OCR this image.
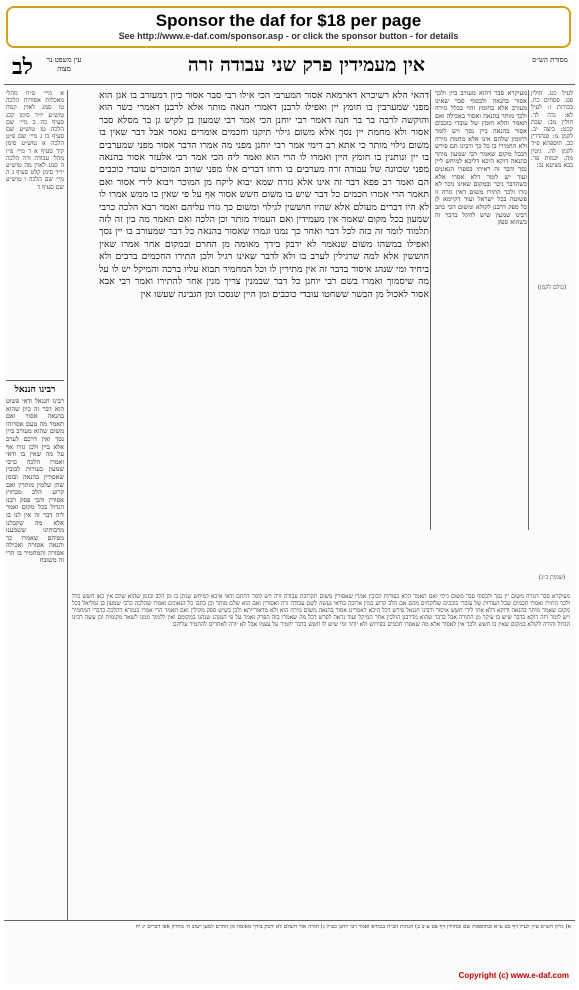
Sponsor the daf for $18 per page
See http://www.e-daf.com/sponsor.asp - or click the sponsor button - for details
מסורת הש״ס
אין מעמידין פרק שני עבודה זרה
עין משפט נר מצוה
לב
לעיל כט. חולין פט. פסחים כח. בכורות ז: לעיל לא: נדה לד. חולין מב: שבת קכט: ביצה יב. לקמן מ: סנהדרין כב. תוספתא פ״ד לקמן לה. גיטין מה. יבמות פד. בבא מציעא נב:
(כולם לקמן)
(שמות כ״ג)
מעיקרא סבר דהוא מעורב ביין ולכך אסור בהנאה ולבסוף סבר שאינו מעורב אלא בחומץ והוי בכלל גזירה ולכך מותר בהנאה ואסור באכילה ואם תאמר והלא חומץ של עובדי כוכבים אסור בהנאה כיין נסך ויש לומר דחומץ שלהם אינו אלא מחמת גזירה ולא החמירו בו כל כך ורבינו תם פירש דבכל מקום שאמר רבי שמעון מותר בהנאה דוקא היכא דליכא למיחש ליין נסך ודבר זה ראיתי בספרי הגאונים ועוד יש לומר דלא אסרו אלא כשהדבר ניכר ובמקום שאינו ניכר לא גזרו ולכך התירו משום דאין גזרה זו פשוטה בכל ישראל ועוד דקיימא לן כל ספק דרבנן לקולא ומשום הכי כתב רבינו שמעון שיש להקל בדבר זה כשהוא ספק
דהאי הלא רשיכרא דארמאה אסור המערבי הכי אילו רבי סבר אסור כיון דמעורב בו אגן הוא מפני שמערבין בו חומץ יין ואפילו לרבנן דאמרי הנאה מותר אלא לרבנן דאמרי כשר הוא והוקשה לרבה בר בר חנה דאמר רבי יוחנן הכי אמר רבי שמעון בן לקיש גן בר מסלא סבר אסור ולא מחמת יין נסך אלא משום גילוי תיקנו וחכמים אומרים נאסר אבל דבר שאין בו משום גילוי מותר כי אתא רב דימי אמר רבי יוחנן מפני מה אמרו הדבר אסור מפני שמערבים בו יין ונותנין בו חומץ היין ואמרו לו הרי הוא ואמר ליה הכי אמר רבי אלעזר אסור בהנאה מפני שכוונה של עבודה זרה מערבים בו ודחו דברים אלו מפני שרוב המוכרים עובדי כוכבים הם ואמר רב פפא דבר זה אינו אלא גזרה שמא יבוא ליקח מן המוכר ויבוא לידי אסור ואם תאמר הרי אמרו חכמים כל דבר שיש בו משום חשש אסור אף על פי שאין בו ממש אמרו לו לא היו דברים מעולם אלא שהיו חוששין לגילוי ומשום כך גזרו עליהם ואמר רבא הלכה כרבי שמעון בכל מקום שאמר אין מעמידין ואם העמיד מותר וכן הלכה ואם תאמר מה בין זה לזה תלמוד לומר זה כזה לכל דבר ואחר כך נמנו וגמרו שאסור בהנאה כל דבר שמעורב בו יין נסך ואפילו במשהו משום שנאמר לא ידבק בידך מאומה מן החרם ובמקום אחר אמרו שאין חוששין אלא למה שרגילין לערב בו ולא לדבר שאינו רגיל ולכן התירו החכמים ברבים ולא ביחיד ומי שנהג איסור בדבר זה אין מתירין לו וכל המחמיר תבוא עליו ברכה והמיקל יש לו על מה שיסמוך ואמרו בשם רבי יוחנן כל דבר שבמנין צריך מנין אחר להתירו ואמר רבי אבא אסור לאכול מן הבשר ששחטו עובדי כוכבים ומן היין שנסכו ומן הגבינה שעשו אין
א מיי׳ פ״ח מהל׳ מאכלות אסורות הלכה טו סמג לאוין קמח טוש״ע יו״ד סימן קכג סעיף כה ב מיי׳ שם הלכה טז טוש״ע שם סעיף כו ג מיי׳ שם פ״ט הלכה א טוש״ע סימן קיד סעיף א ד מיי׳ פ״ז מהל׳ עבודה זרה הלכה ה סמג לאוין מה טוש״ע יו״ד סימן קלט סעיף ג ה מיי׳ שם הלכה ו טוש״ע שם סעיף ד
רבינו חננאל
רבינו חננאל ודאי פשוט הוא דבר זה כיון שהוא בהנאה אסור ואם תאמר מה טעם אסרוהו משום שהוא מעורב ביין נסך ואין דרכם לערב אלא ביין ולכן גזרו אף על מה שאין בו ודאי ואמרו הלכה כרבי שמעון בעורות לבובין שאסורין בהנאה ובזמן שהן שלמין מותרין ואם קרוע הלב מבחוץ אסורין והכי פסק רבנו הגדול בכל מקום ואמר ליה דבר זה אין לנו בו אלא מה שקבלנו מרבותינו ששמענו מפיהם שאמרו כך והנאה אסורה ואכילה אסורה והמחמיר בו הרי זה משובח
מעיקרא סבר דגזרה משום יין נסך ולבסוף סבר משום גילוי ואם תאמר הלא בעורות לבובין אמרו שאסורין משום תקרובת עבודה זרה ויש לומר דהתם ודאי איכא למיחש שנתן בו מן הלב ובזמן שהוא שלם אין כאן חשש כלל ולכך התירו ואמרו חכמים שכל העורות של עובדי כוכבים שלוקחים מהם אם הלב קרוע כמין ארובה בודאי נעשה לשם עבודה זרה ואסורין ואם הוא שלם מותר וכן כתבו כל הגאונים ואמרו שהלכה כרבי שמעון בן גמליאל בכל מקום שאמר מותר בהנאה ודוקא דלא אתי לידי חשש איסור ורבינו חננאל פירש דכל היכא דאמרינן אסור בהנאה משום גזירה הוא ולא מדאורייתא ולכן כשיש ספק מקילין ואם תאמר הרי אמרו בגמרא דהלכה כדברי המחמיר ויש לומר דזה דוקא בדבר שיש בו עיקר מן התורה אבל בדבר שהוא מדרבנן הולכין אחר המיקל ועוד נראה לפרש דכל מה שאמרו בזה הפרק נאמר על פי המנהג שנהגו במקומם ואין ללמוד ממנו לשאר מקומות וכן עשה רבינו הגדול והורה לקולא במקום שאין בו חשש ולכך אין לאסור אלא מה שאסרו חכמים בפירוש ולא יותר ומי שיש לו חשש בדבר יחמיר על עצמו אבל לא יורה לאחרים להחמיר עליהם
א) גליון הש״ס עיין לעיל דף כט ע״א ובתוספות שם ובחולין דף פט ע״ב ב) הגהות הב״ח בגמרא ואמר רבי יוחנן כצ״ל ג) תורה אור השלם לא ידבק בידך מאומה מן החרם למען ישוב ה׳ מחרון אפו דברים יג יח
Copyright (c) www.e-daf.com
